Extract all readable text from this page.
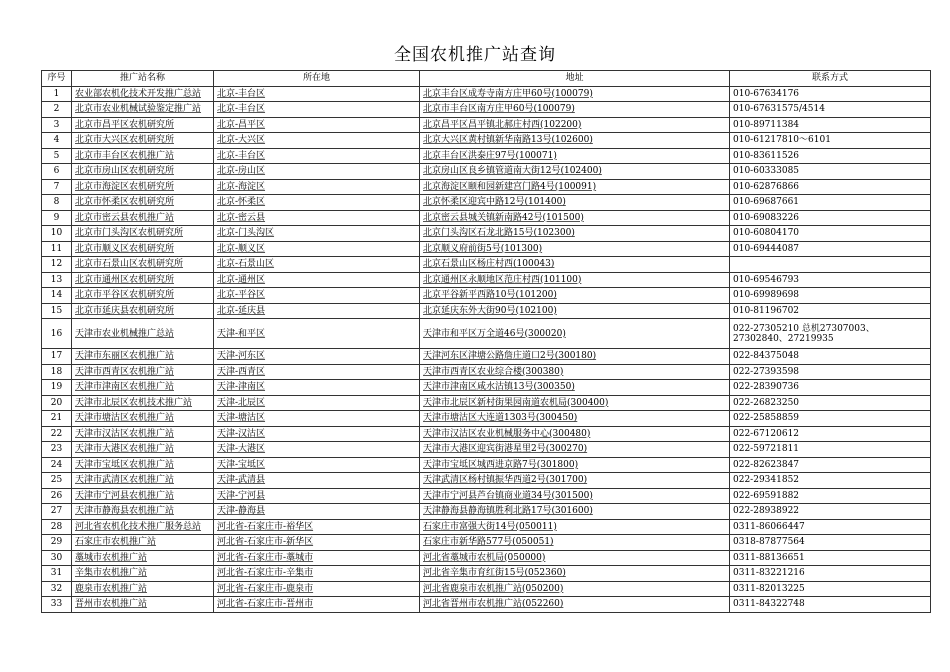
全国农机推广站查询
序号	推广站名称	所在地	地址	联系方式
1	农业部农机化技术开发推广总站	北京-丰台区	北京丰台区成寿寺南方庄甲60号(100079)	010-67634176
2	北京市农业机械试验鉴定推广站	北京-丰台区	北京市丰台区南方庄甲60号(100079)	010-67631575/4514
3	北京市昌平区农机研究所	北京-昌平区	北京昌平区昌平镇北郝庄村西(102200)	010-89711384
4	北京市大兴区农机研究所	北京-大兴区	北京大兴区黄村镇新华南路13号(102600)	010-61217810～6101
5	北京市丰台区农机推广站	北京-丰台区	北京丰台区洪泰庄97号(100071)	010-83611526
6	北京市房山区农机研究所	北京-房山区	北京房山区良乡镇管道南大街12号(102400)	010-60333085
7	北京市海淀区农机研究所	北京-海淀区	北京海淀区颐和园新建宫门路4号(100091)	010-62876866
8	北京市怀柔区农机研究所	北京-怀柔区	北京怀柔区迎宾中路12号(101400)	010-69687661
9	北京市密云县农机推广站	北京-密云县	北京密云县城关镇新南路42号(101500)	010-69083226
10	北京市门头沟区农机研究所	北京-门头沟区	北京门头沟区石龙北路15号(102300)	010-60804170
11	北京市顺义区农机研究所	北京-顺义区	北京顺义府前街5号(101300)	010-69444087
12	北京市石景山区农机研究所	北京-石景山区	北京石景山区杨庄村西(100043)	
13	北京市通州区农机研究所	北京-通州区	北京通州区永顺地区范庄村西(101100)	010-69546793
14	北京市平谷区农机研究所	北京-平谷区	北京平谷新平西路10号(101200)	010-69989698
15	北京市延庆县农机研究所	北京-延庆县	北京延庆东外大街90号(102100)	010-81196702
16	天津市农业机械推广总站	天津-和平区	天津市和平区万全道46号(300020)	022-27305210 总机27307003、27302840、27219935
17	天津市东丽区农机推广站	天津-河东区	天津河东区津塘公路詹庄道口2号(300180)	022-84375048
18	天津市西青区农机推广站	天津-西青区	天津市西青区农业综合楼(300380)	022-27393598
19	天津市津南区农机推广站	天津-津南区	天津市津南区咸水沽镇13号(300350)	022-28390736
20	天津市北辰区农机技术推广站	天津-北辰区	天津市北辰区新村街果园南道农机局(300400)	022-26823250
21	天津市塘沽区农机推广站	天津-塘沽区	天津市塘沽区大连道1303号(300450)	022-25858859
22	天津市汉沽区农机推广站	天津-汉沽区	天津市汉沽区农业机械服务中心(300480)	022-67120612
23	天津市大港区农机推广站	天津-大港区	天津市大港区迎宾街港星里2号(300270)	022-59721811
24	天津市宝坻区农机推广站	天津-宝坻区	天津市宝坻区城西进京路7号(301800)	022-82623847
25	天津市武清区农机推广站	天津-武清县	天津武清区杨村镇振华西道2号(301700)	022-29341852
26	天津市宁河县农机推广站	天津-宁河县	天津市宁河县芦台镇商业道34号(301500)	022-69591882
27	天津市静海县农机推广站	天津-静海县	天津静海县静海镇胜利北路17号(301600)	022-28938922
28	河北省农机化技术推广服务总站	河北省-石家庄市-裕华区	石家庄市富强大街14号(050011)	0311-86066447
29	石家庄市农机推广站	河北省-石家庄市-新华区	石家庄市新华路577号(050051)	0318-87877564
30	藁城市农机推广站	河北省-石家庄市-藁城市	河北省藁城市农机局(050000)	0311-88136651
31	辛集市农机推广站	河北省-石家庄市-辛集市	河北省辛集市育红街15号(052360)	0311-83221216
32	鹿泉市农机推广站	河北省-石家庄市-鹿泉市	河北省鹿泉市农机推广站(050200)	0311-82013225
33	晋州市农机推广站	河北省-石家庄市-晋州市	河北省晋州市农机推广站(052260)	0311-84322748
